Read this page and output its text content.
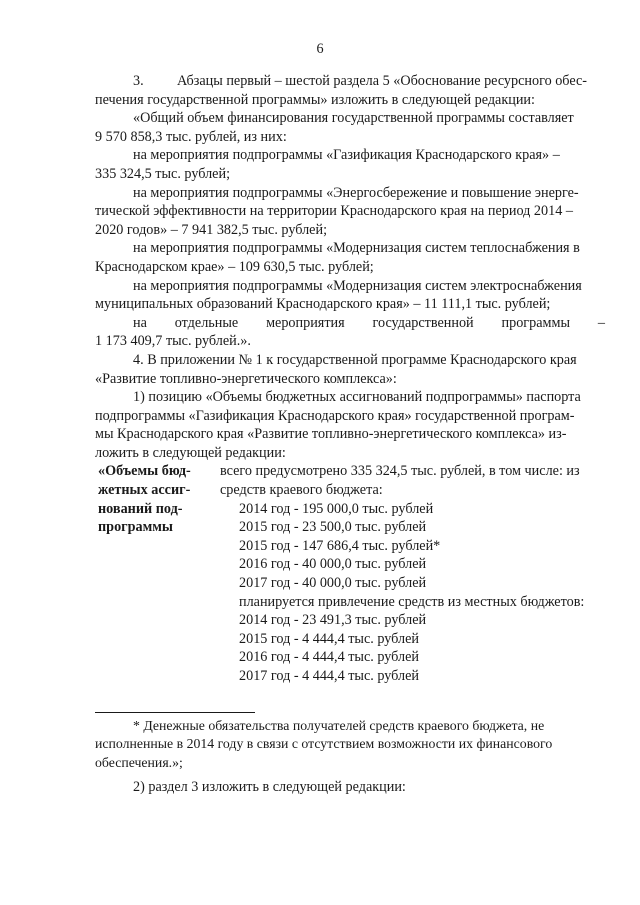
6

3. Абзацы первый – шестой раздела 5 «Обоснование ресурсного обес-

печения государственной программы» изложить в следующей редакции:

«Общий объем финансирования государственной программы составляет

9 570 858,3 тыс. рублей, из них:

на мероприятия подпрограммы «Газификация Краснодарского края» –

335 324,5 тыс. рублей;

на мероприятия подпрограммы «Энергосбережение и повышение энерге-

тической эффективности на территории Краснодарского края на период 2014 –

2020 годов» – 7 941 382,5 тыс. рублей;

на мероприятия подпрограммы «Модернизация систем теплоснабжения в

Краснодарском крае» – 109 630,5 тыс. рублей;

на мероприятия подпрограммы «Модернизация систем электроснабжения

муниципальных образований Краснодарского края» – 11 111,1 тыс. рублей;

на отдельные мероприятия государственной программы –

1 173 409,7 тыс. рублей.».

4. В приложении № 1 к государственной программе Краснодарского края

«Развитие топливно-энергетического комплекса»:

1) позицию «Объемы бюджетных ассигнований подпрограммы» паспорта

подпрограммы «Газификация Краснодарского края» государственной програм-

мы Краснодарского края «Развитие топливно-энергетического комплекса» из-

ложить в следующей редакции:

«Объемы бюд-
жетных ассиг-
нований под-
программы
всего предусмотрено 335 324,5 тыс. рублей, в том числе: из
средств краевого бюджета:
2014 год - 195 000,0 тыс. рублей
2015 год - 23 500,0 тыс. рублей
2015 год - 147 686,4 тыс. рублей*
2016 год - 40 000,0 тыс. рублей
2017 год - 40 000,0 тыс. рублей
планируется привлечение средств из местных бюджетов:
2014 год - 23 491,3 тыс. рублей
2015 год - 4 444,4 тыс. рублей
2016 год - 4 444,4 тыс. рублей
2017 год - 4 444,4 тыс. рублей

* Денежные обязательства получателей средств краевого бюджета, не

исполненные в 2014 году в связи с отсутствием возможности их финансового

обеспечения.»;

2) раздел 3 изложить в следующей редакции:
